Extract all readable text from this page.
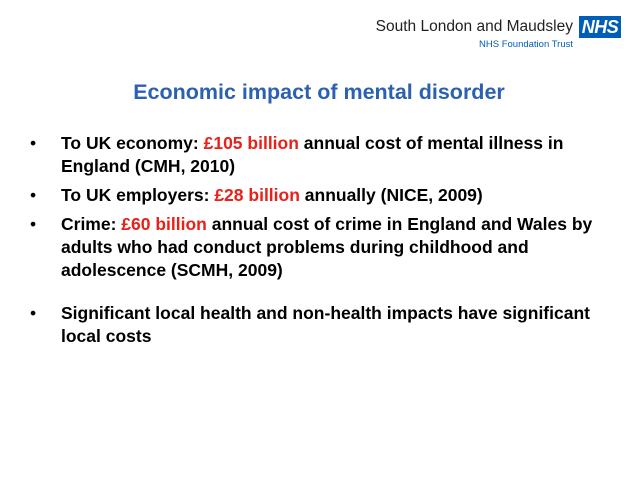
South London and Maudsley
NHS Foundation Trust
NHS
Economic impact of mental disorder
• To UK economy: £105 billion annual cost of mental illness in England (CMH, 2010)
• To UK employers: £28 billion annually (NICE, 2009)
• Crime: £60 billion annual cost of crime in England and Wales by adults who had conduct problems during childhood and adolescence (SCMH, 2009)
• Significant local health and non-health impacts have significant local costs
